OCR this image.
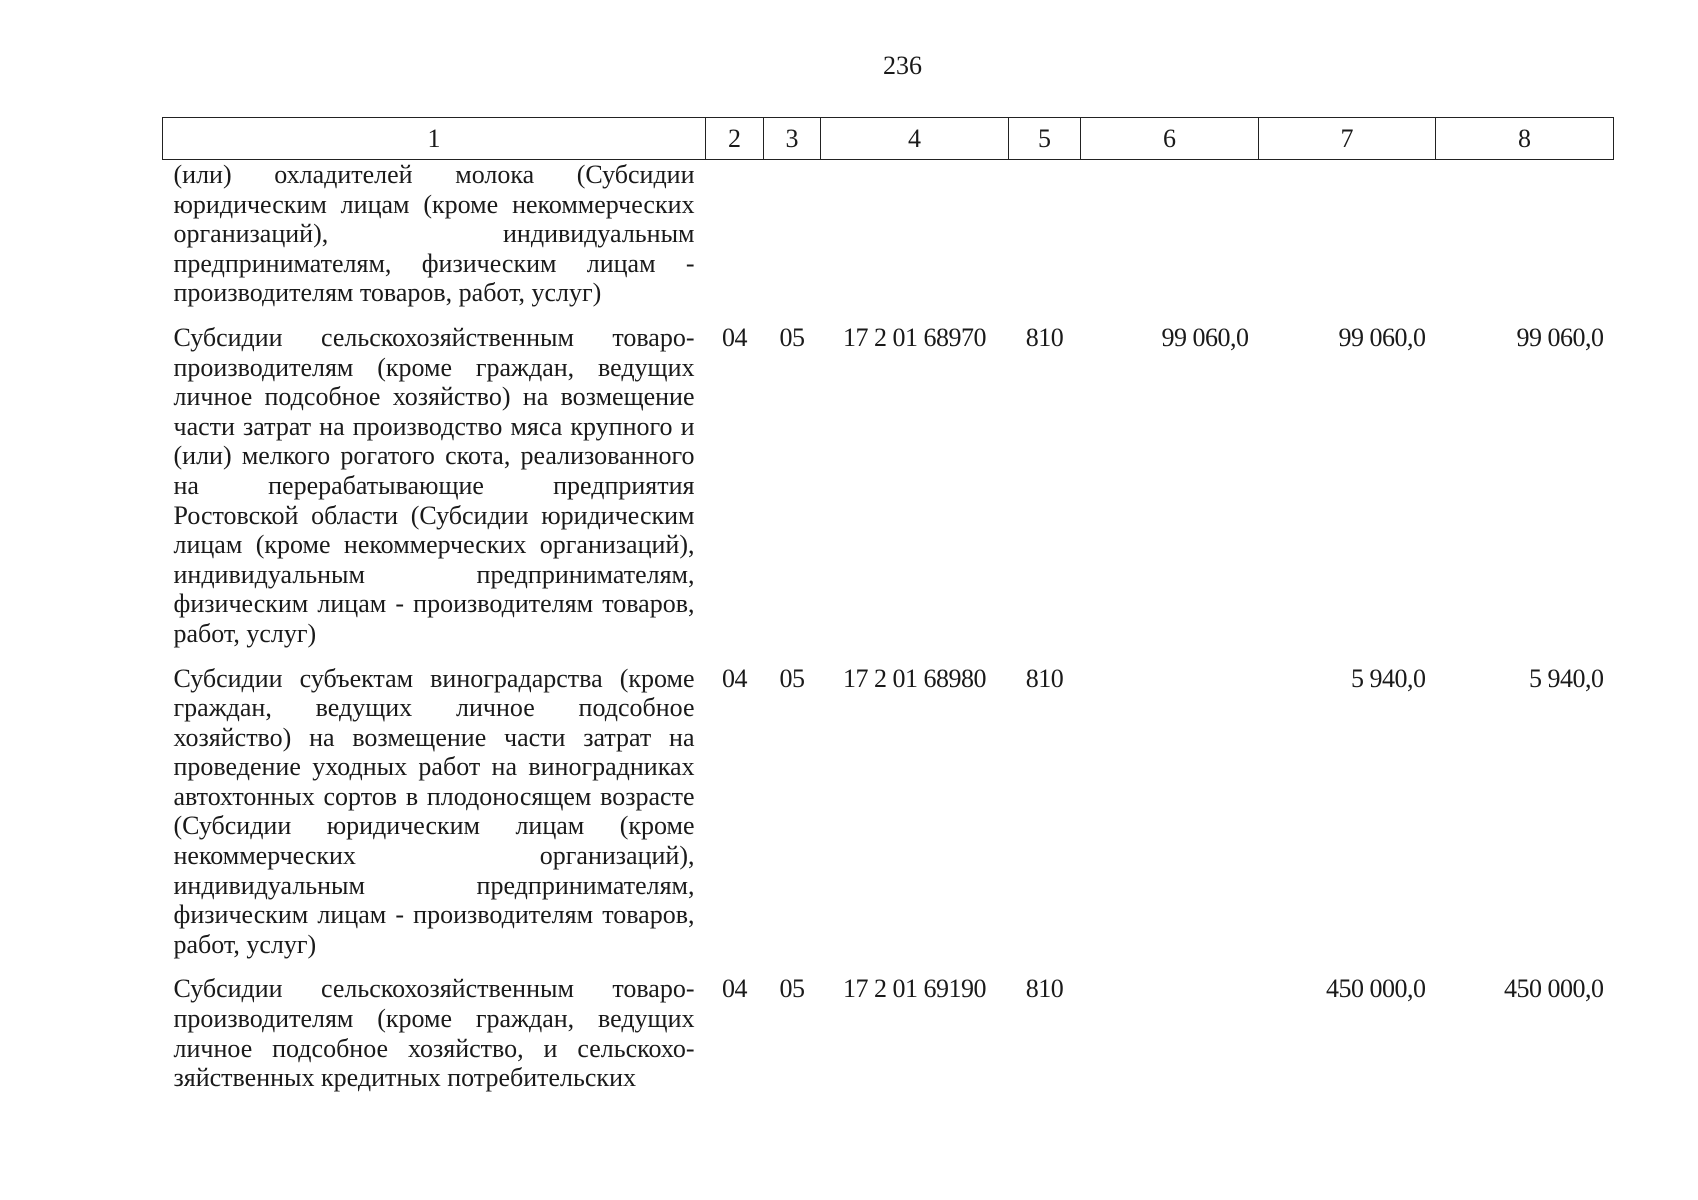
236
1	2	3	4	5	6	7	8
(или) охладителей молока (Субсидии юридическим лицам (кроме некоммерческих организаций), индивидуальным предпринимателям, физическим лицам - производителям товаров, работ, услуг)							
Субсидии сельскохозяйственным товаропроизводителям (кроме граждан, ведущих личное подсобное хозяйство) на возмещение части затрат на производство мяса крупного и (или) мелкого рогатого скота, реализованного на перерабатывающие предприятия Ростовской области (Субсидии юридическим лицам (кроме некоммерческих организаций), индивидуальным предпринимателям, физическим лицам - производителям товаров, работ, услуг)	04	05	17 2 01 68970	810	99 060,0	99 060,0	99 060,0
Субсидии субъектам виноградарства (кроме граждан, ведущих личное подсобное хозяйство) на возмещение части затрат на проведение уходных работ на виноградниках автохтонных сортов в плодоносящем возрасте (Субсидии юридическим лицам (кроме некоммерческих организаций), индивидуальным предпринимателям, физическим лицам - производителям товаров, работ, услуг)	04	05	17 2 01 68980	810		5 940,0	5 940,0
Субсидии сельскохозяйственным товаропроизводителям (кроме граждан, ведущих личное подсобное хозяйство, и сельскохозяйственных кредитных потребительских	04	05	17 2 01 69190	810		450 000,0	450 000,0
